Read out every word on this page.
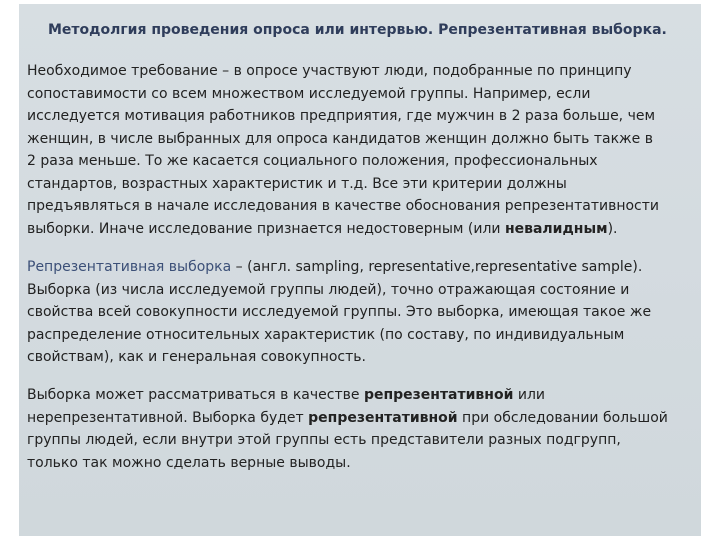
Методолгия проведения опроса или интервью. Репрезентативная выборка.
Необходимое требование – в опросе участвуют люди, подобранные по принципу
сопоставимости со всем множеством исследуемой группы. Например, если
исследуется мотивация работников предприятия, где мужчин в 2 раза больше, чем
женщин, в числе выбранных для опроса кандидатов женщин должно быть также в
2 раза меньше. То же касается социального положения, профессиональных
стандартов, возрастных характеристик и т.д. Все эти критерии должны
предъявляться в начале исследования в качестве обоснования репрезентативности
выборки. Иначе исследование признается недостоверным (или невалидным).
Репрезентативная выборка – (англ. sampling, representative,representative sample).
Выборка (из числа исследуемой группы людей), точно отражающая состояние и
свойства всей совокупности исследуемой группы. Это выборка, имеющая такое же
распределение относительных характеристик (по составу, по индивидуальным
свойствам), как и генеральная совокупность.
Выборка может рассматриваться в качестве репрезентативной или
нерепрезентативной. Выборка будет репрезентативной при обследовании большой
группы людей, если внутри этой группы есть представители разных подгрупп,
только так можно сделать верные выводы.
